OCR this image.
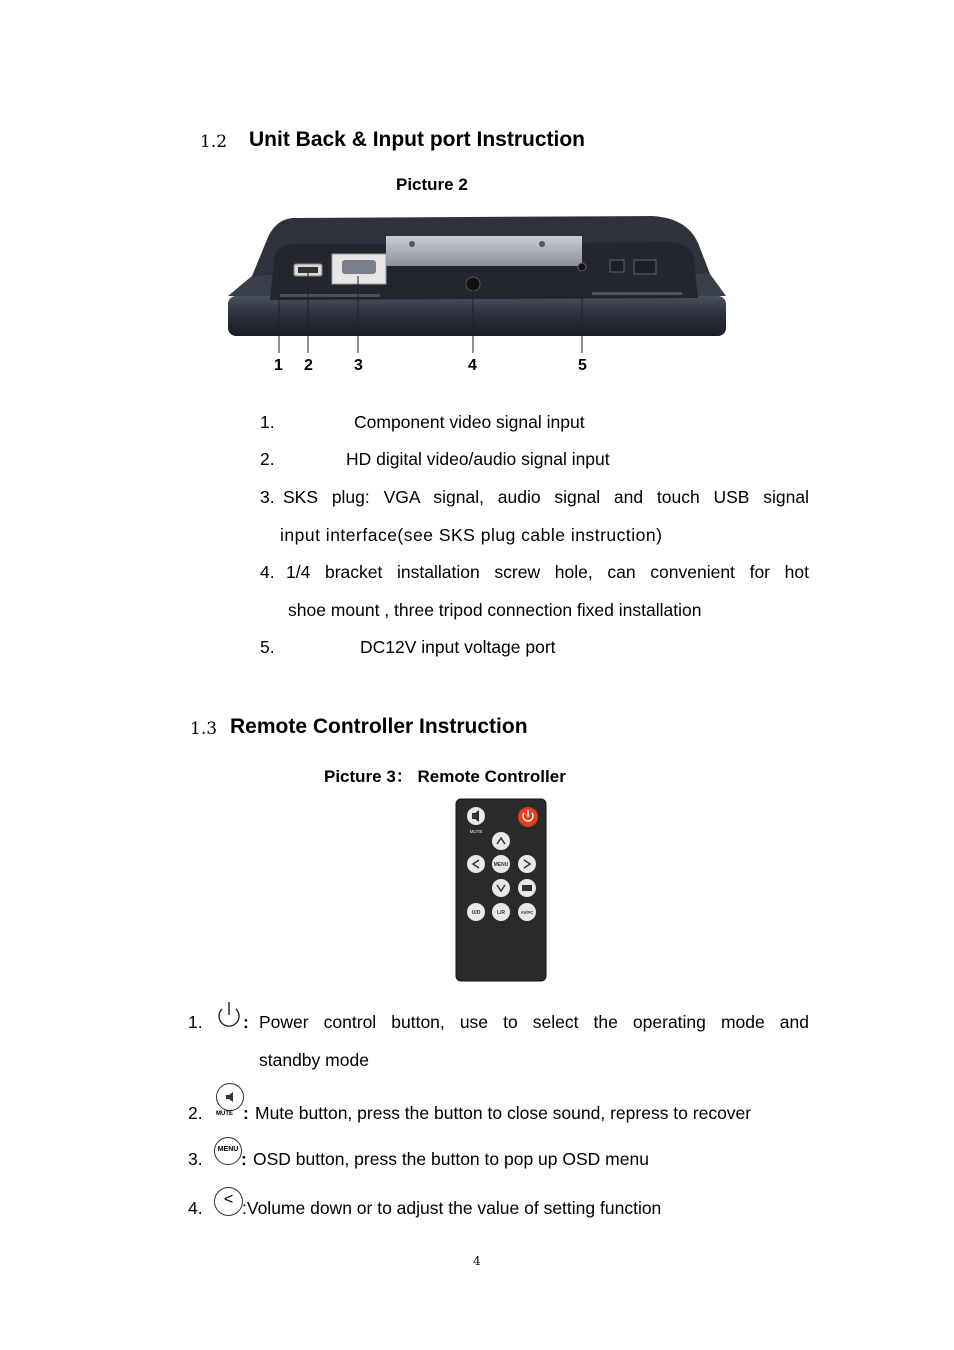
1.2 Unit Back & Input port Instruction
Picture 2
1 2	3	4	5
1.	Component video signal input
2.	HD digital video/audio signal input
3. SKS plug: VGA signal, audio signal and touch USB signal
input interface(see SKS plug cable instruction)
4. 1/4 bracket installation screw hole, can convenient for hot
shoe mount , three tripod connection fixed installation
5.	DC12V input voltage port
1.3 Remote Controller Instruction
Picture 3： Remote Controller
MUTE
MENU
U/D	L/R	AV/PC
1. : Power control button, use to select the operating mode and
standby mode
2. MUTE : Mute button, press the button to close sound, repress to recover
3.	MENU : OSD button, press the button to pop up OSD menu
4.	< :Volume down or to adjust the value of setting function
4
